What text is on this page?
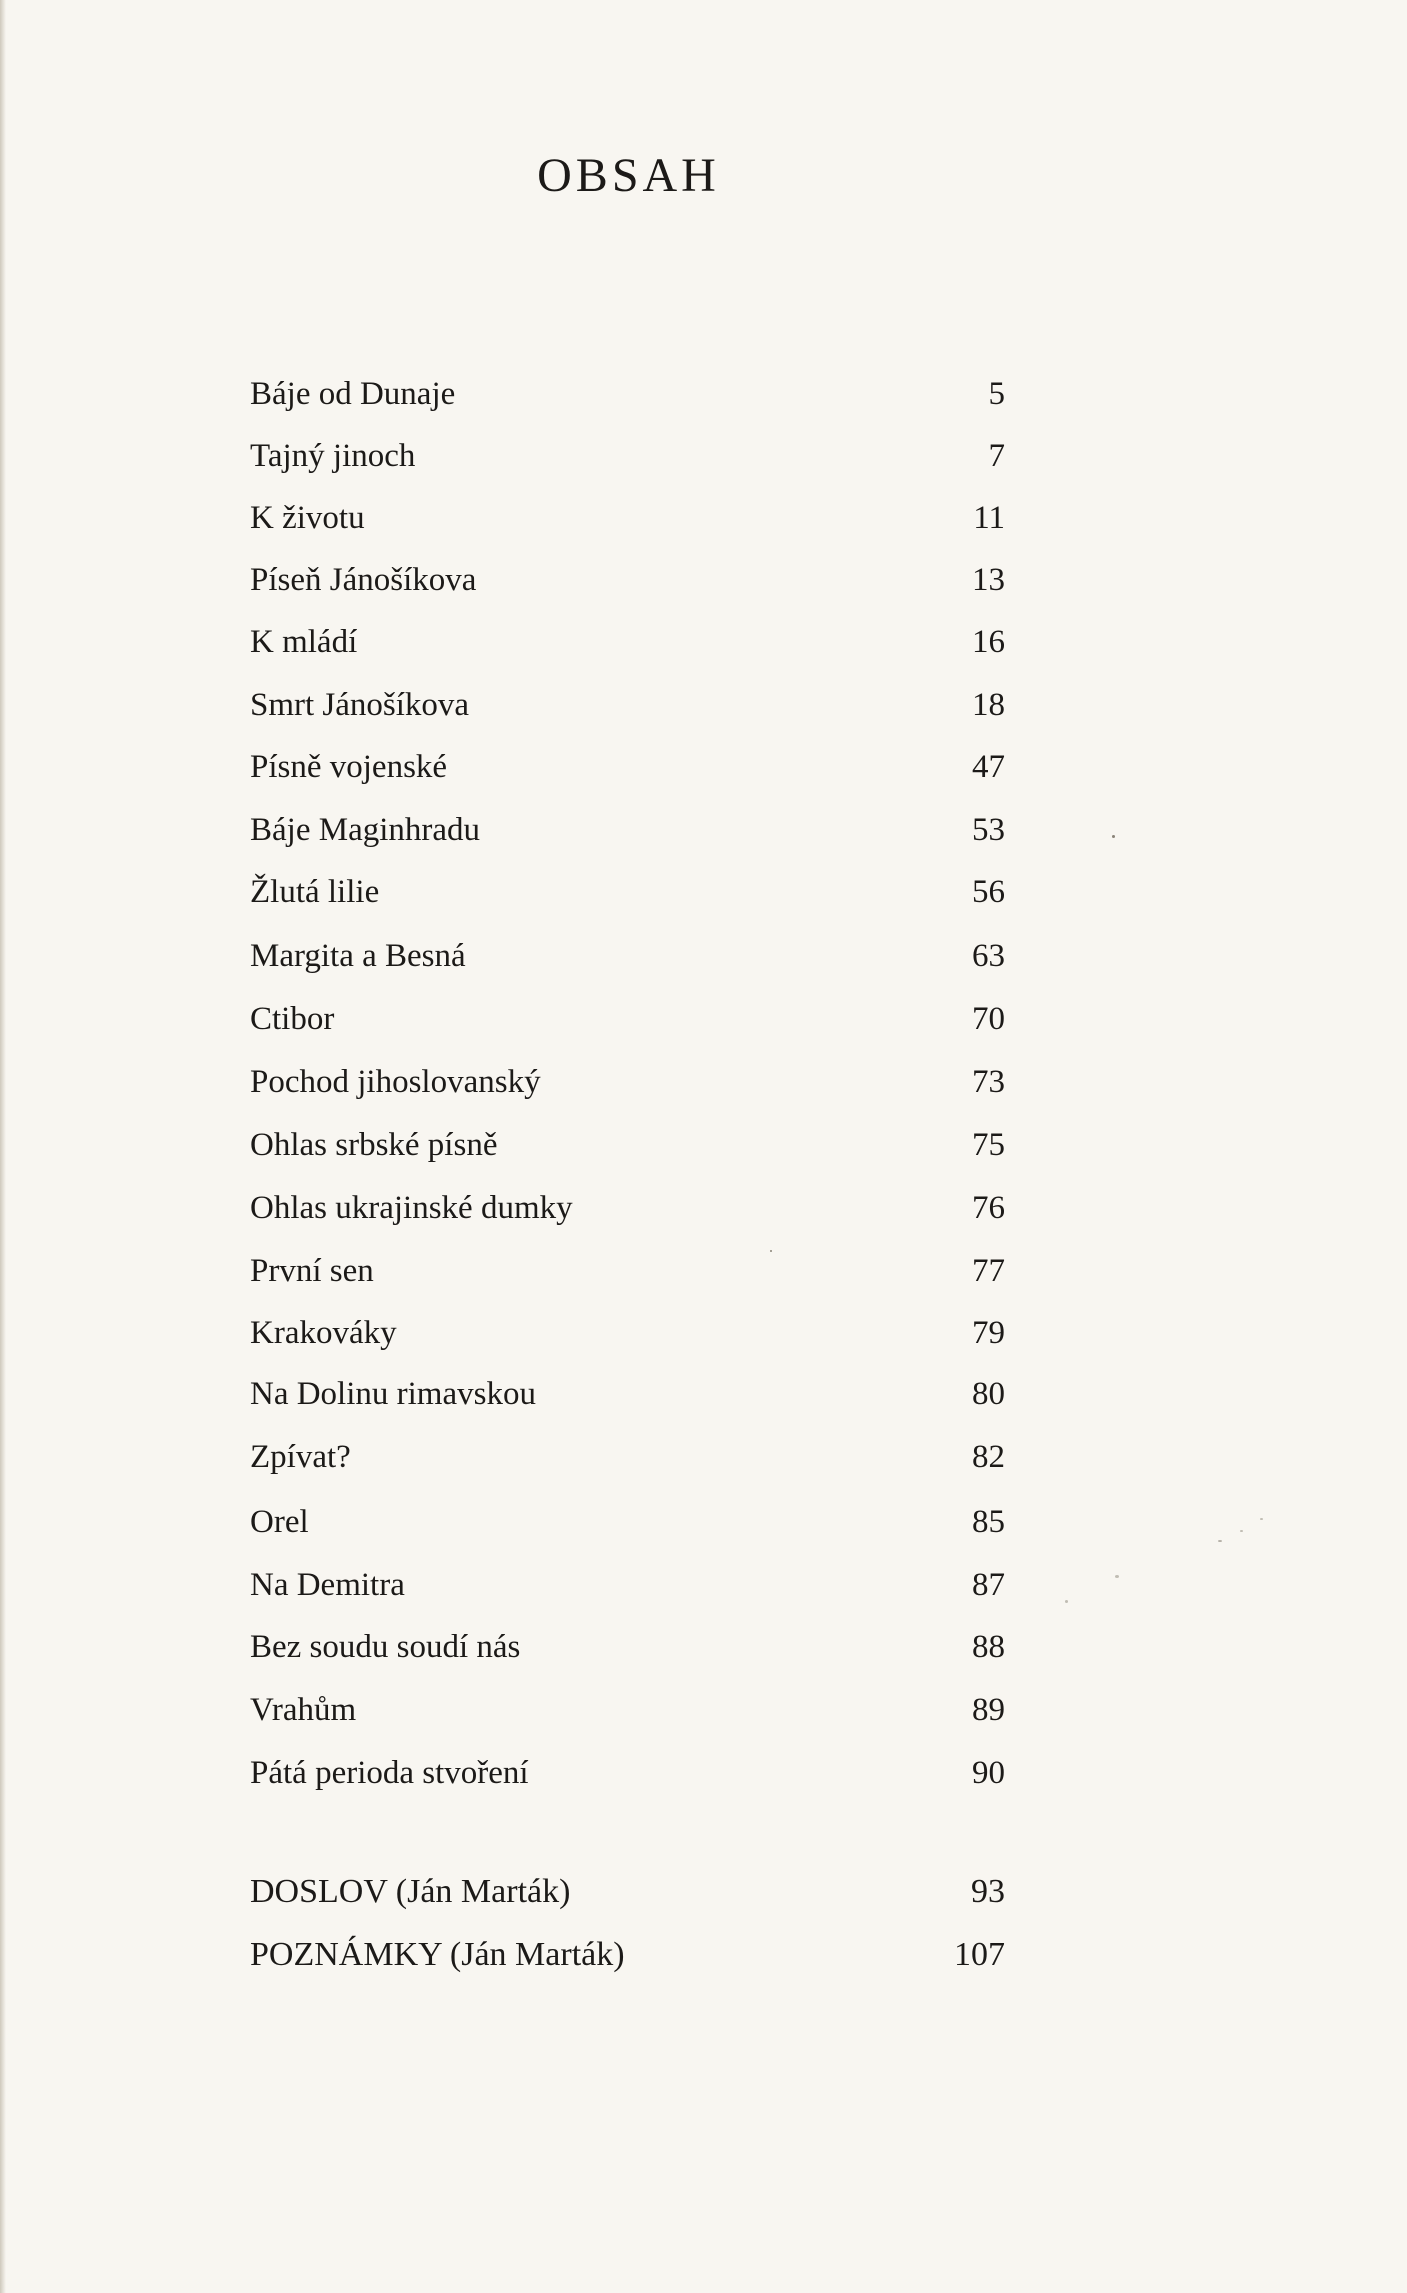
OBSAH
Báje od Dunaje	5
Tajný jinoch	7
K životu	11
Píseň Jánošíkova	13
K mládí	16
Smrt Jánošíkova	18
Písně vojenské	47
Báje Maginhradu	53
Žlutá lilie	56
Margita a Besná	63
Ctibor	70
Pochod jihoslovanský	73
Ohlas srbské písně	75
Ohlas ukrajinské dumky	76
První sen	77
Krakováky	79
Na Dolinu rimavskou	80
Zpívat?	82
Orel	85
Na Demitra	87
Bez soudu soudí nás	88
Vrahům	89
Pátá perioda stvoření	90
DOSLOV (Ján Marták)	93
POZNÁMKY (Ján Marták)	107
